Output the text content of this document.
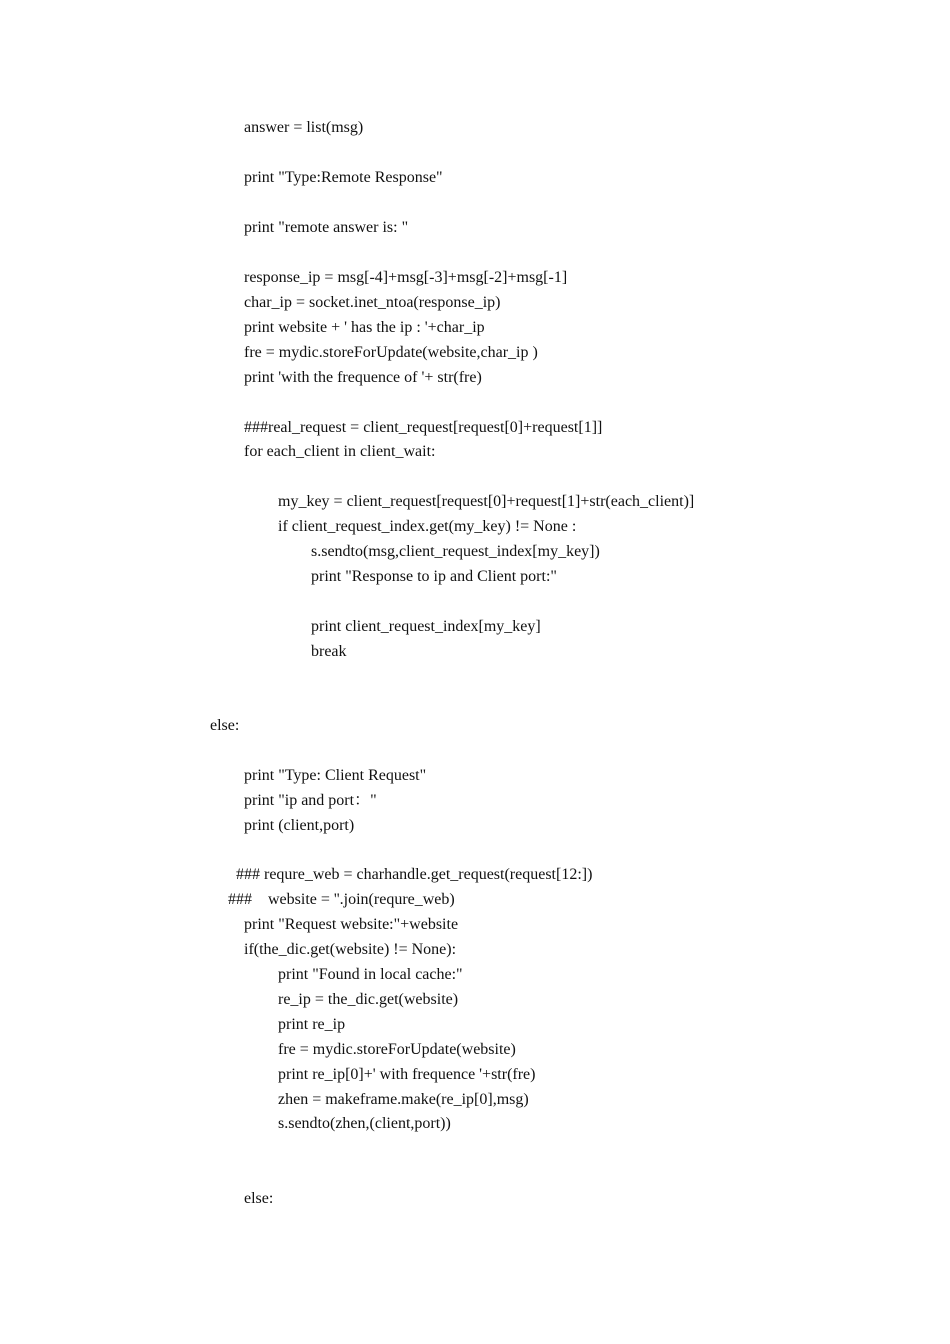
answer = list(msg)
print "Type:Remote Response"
print "remote answer is: "
response_ip = msg[-4]+msg[-3]+msg[-2]+msg[-1]
char_ip = socket.inet_ntoa(response_ip)
print website + ' has the ip : '+char_ip
fre = mydic.storeForUpdate(website,char_ip )
print 'with the frequence of '+ str(fre)
###real_request = client_request[request[0]+request[1]]
for each_client in client_wait:
my_key = client_request[request[0]+request[1]+str(each_client)]
if client_request_index.get(my_key) != None :
s.sendto(msg,client_request_index[my_key])
print "Response to ip and Client port:"
print client_request_index[my_key]
break
else:
print "Type: Client Request"
print "ip and port："
print (client,port)
### requre_web = charhandle.get_request(request[12:])
###    website = ''.join(requre_web)
print "Request website:"+website
if(the_dic.get(website) != None):
print "Found in local cache:"
re_ip = the_dic.get(website)
print re_ip
fre = mydic.storeForUpdate(website)
print re_ip[0]+' with frequence '+str(fre)
zhen = makeframe.make(re_ip[0],msg)
s.sendto(zhen,(client,port))
else:
